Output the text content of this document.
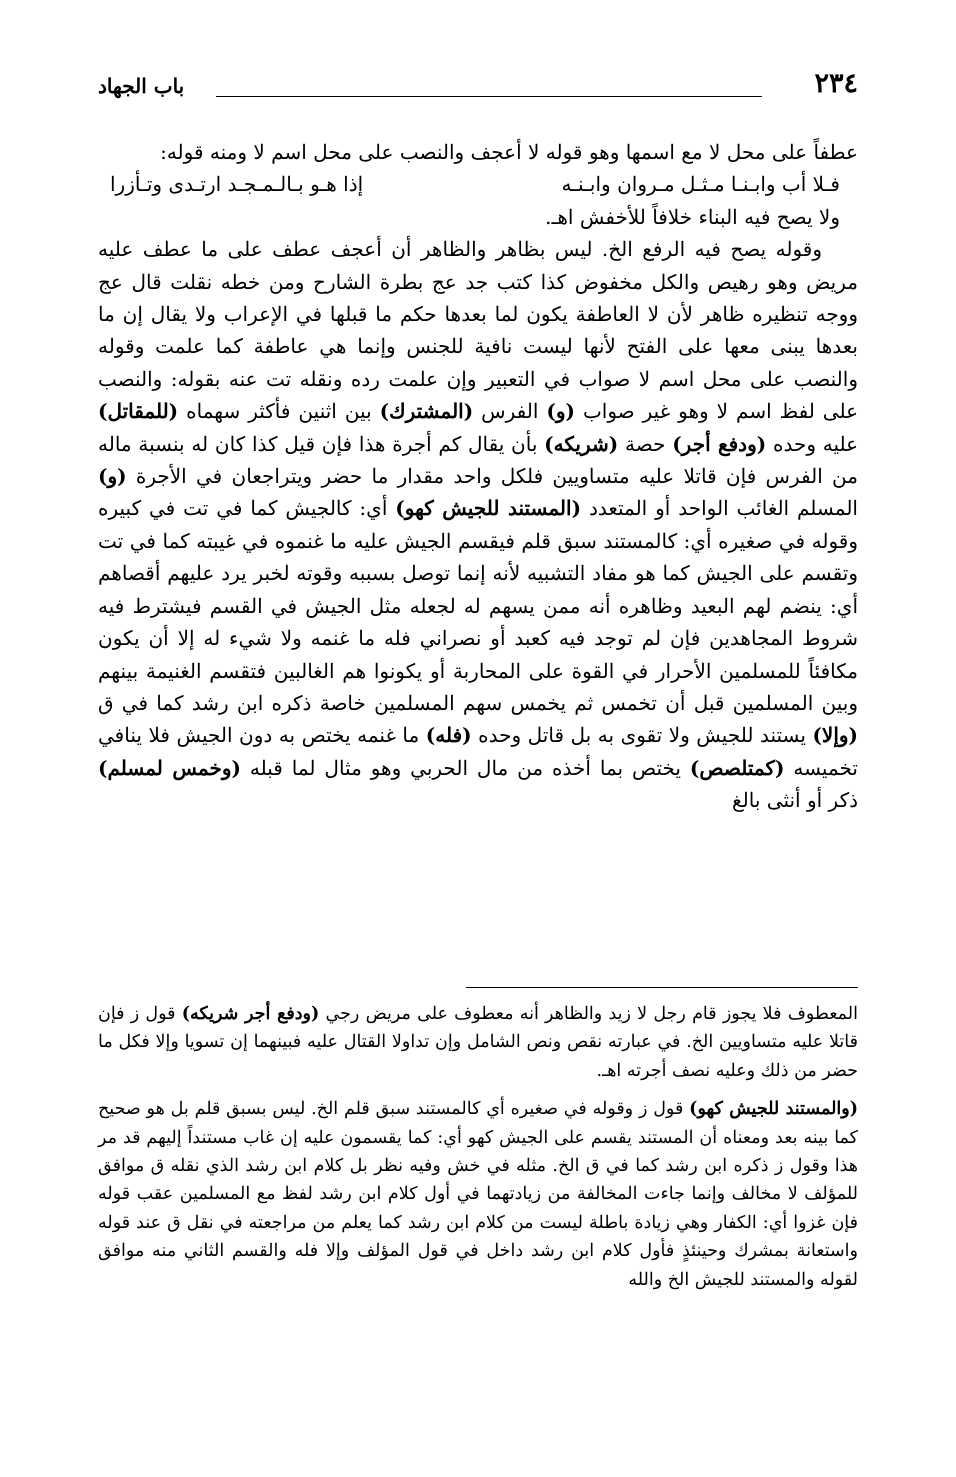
٢٣٤
باب الجهاد

عطفاً على محل لا مع اسمها وهو قوله لا أعجف والنصب على محل اسم لا ومنه قوله:

فـلا أب وابـنـا مـثـل مـروان وابـنـه
إذا هـو بـالـمـجـد ارتـدى وتـأزرا

ولا يصح فيه البناء خلافاً للأخفش اهـ.

وقوله يصح فيه الرفع الخ. ليس بظاهر والظاهر أن أعجف عطف على ما عطف عليه مريض وهو رهيص والكل مخفوض كذا كتب جد عج بطرة الشارح ومن خطه نقلت قال عج ووجه تنظيره ظاهر لأن لا العاطفة يكون لما بعدها حكم ما قبلها في الإعراب ولا يقال إن ما بعدها يبنى معها على الفتح لأنها ليست نافية للجنس وإنما هي عاطفة كما علمت وقوله والنصب على محل اسم لا صواب في التعبير وإن علمت رده ونقله تت عنه بقوله: والنصب على لفظ اسم لا وهو غير صواب (و) الفرس (المشترك) بين اثنين فأكثر سهماه (للمقاتل) عليه وحده (ودفع أجر) حصة (شريكه) بأن يقال كم أجرة هذا فإن قيل كذا كان له بنسبة ماله من الفرس فإن قاتلا عليه متساويين فلكل واحد مقدار ما حضر ويتراجعان في الأجرة (و) المسلم الغائب الواحد أو المتعدد (المستند للجيش كهو) أي: كالجيش كما في تت في كبيره وقوله في صغيره أي: كالمستند سبق قلم فيقسم الجيش عليه ما غنموه في غيبته كما في تت وتقسم على الجيش كما هو مفاد التشبيه لأنه إنما توصل بسببه وقوته لخبر يرد عليهم أقصاهم أي: ينضم لهم البعيد وظاهره أنه ممن يسهم له لجعله مثل الجيش في القسم فيشترط فيه شروط المجاهدين فإن لم توجد فيه كعبد أو نصراني فله ما غنمه ولا شيء له إلا أن يكون مكافئاً للمسلمين الأحرار في القوة على المحاربة أو يكونوا هم الغالبين فتقسم الغنيمة بينهم وبين المسلمين قبل أن تخمس ثم يخمس سهم المسلمين خاصة ذكره ابن رشد كما في ق (وإلا) يستند للجيش ولا تقوى به بل قاتل وحده (فله) ما غنمه يختص به دون الجيش فلا ينافي تخميسه (كمتلصص) يختص بما أخذه من مال الحربي وهو مثال لما قبله (وخمس لمسلم) ذكر أو أنثى بالغ

المعطوف فلا يجوز قام رجل لا زيد والظاهر أنه معطوف على مريض رجي (ودفع أجر شريكه) قول ز فإن قاتلا عليه متساويين الخ. في عبارته نقص ونص الشامل وإن تداولا القتال عليه فبينهما إن تسويا وإلا فكل ما حضر من ذلك وعليه نصف أجرته اهـ.

(والمستند للجيش كهو) قول ز وقوله في صغيره أي كالمستند سبق قلم الخ. ليس بسبق قلم بل هو صحيح كما بينه بعد ومعناه أن المستند يقسم على الجيش كهو أي: كما يقسمون عليه إن غاب مستنداً إليهم قد مر هذا وقول ز ذكره ابن رشد كما في ق الخ. مثله في خش وفيه نظر بل كلام ابن رشد الذي نقله ق موافق للمؤلف لا مخالف وإنما جاءت المخالفة من زيادتهما في أول كلام ابن رشد لفظ مع المسلمين عقب قوله فإن غزوا أي: الكفار وهي زيادة باطلة ليست من كلام ابن رشد كما يعلم من مراجعته في نقل ق عند قوله واستعانة بمشرك وحينئذٍ فأول كلام ابن رشد داخل في قول المؤلف وإلا فله والقسم الثاني منه موافق لقوله والمستند للجيش الخ والله
